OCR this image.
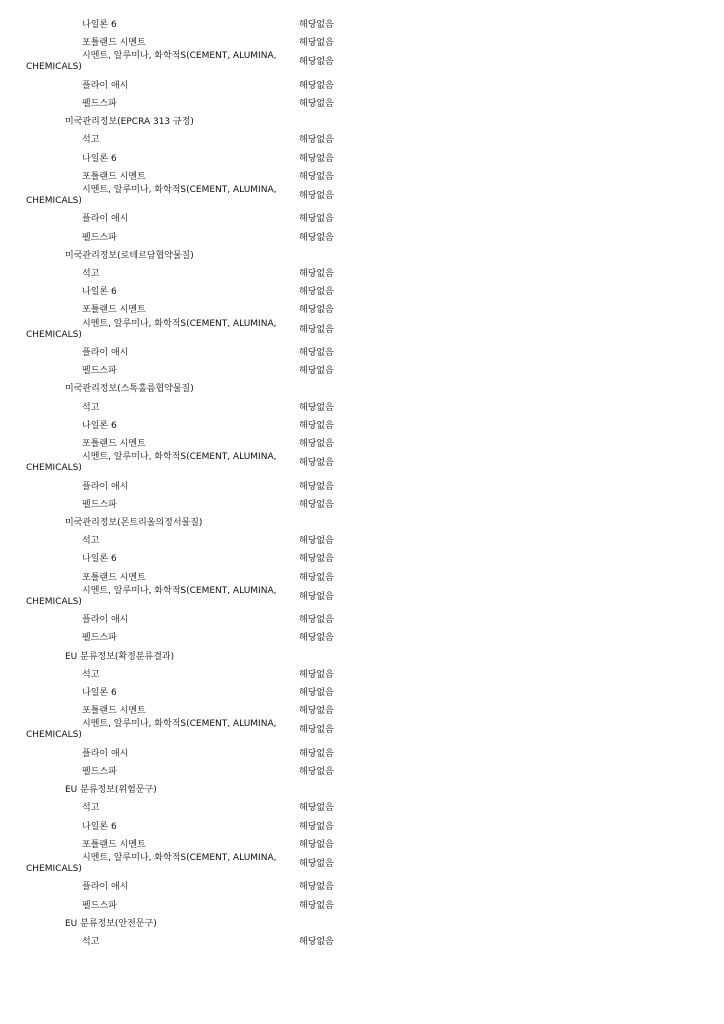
나일론 6	해당없음
포틀랜드 시멘트	해당없음
시멘트, 알루미나, 화학적S(CEMENT, ALUMINA, CHEMICALS)	해당없음
플라이 애시	해당없음
펠드스파	해당없음
미국관리정보(EPCRA 313 규정)
석고	해당없음
나일론 6	해당없음
포틀랜드 시멘트	해당없음
시멘트, 알루미나, 화학적S(CEMENT, ALUMINA, CHEMICALS)	해당없음
플라이 애시	해당없음
펠드스파	해당없음
미국관리정보(로테르담협약물질)
석고	해당없음
나일론 6	해당없음
포틀랜드 시멘트	해당없음
시멘트, 알루미나, 화학적S(CEMENT, ALUMINA, CHEMICALS)	해당없음
플라이 애시	해당없음
펠드스파	해당없음
미국관리정보(스톡홀름협약물질)
석고	해당없음
나일론 6	해당없음
포틀랜드 시멘트	해당없음
시멘트, 알루미나, 화학적S(CEMENT, ALUMINA, CHEMICALS)	해당없음
플라이 애시	해당없음
펠드스파	해당없음
미국관리정보(몬트리올의정서물질)
석고	해당없음
나일론 6	해당없음
포틀랜드 시멘트	해당없음
시멘트, 알루미나, 화학적S(CEMENT, ALUMINA, CHEMICALS)	해당없음
플라이 애시	해당없음
펠드스파	해당없음
EU 분류정보(확정분류결과)
석고	해당없음
나일론 6	해당없음
포틀랜드 시멘트	해당없음
시멘트, 알루미나, 화학적S(CEMENT, ALUMINA, CHEMICALS)	해당없음
플라이 애시	해당없음
펠드스파	해당없음
EU 분류정보(위험문구)
석고	해당없음
나일론 6	해당없음
포틀랜드 시멘트	해당없음
시멘트, 알루미나, 화학적S(CEMENT, ALUMINA, CHEMICALS)	해당없음
플라이 애시	해당없음
펠드스파	해당없음
EU 분류정보(안전문구)
석고	해당없음
